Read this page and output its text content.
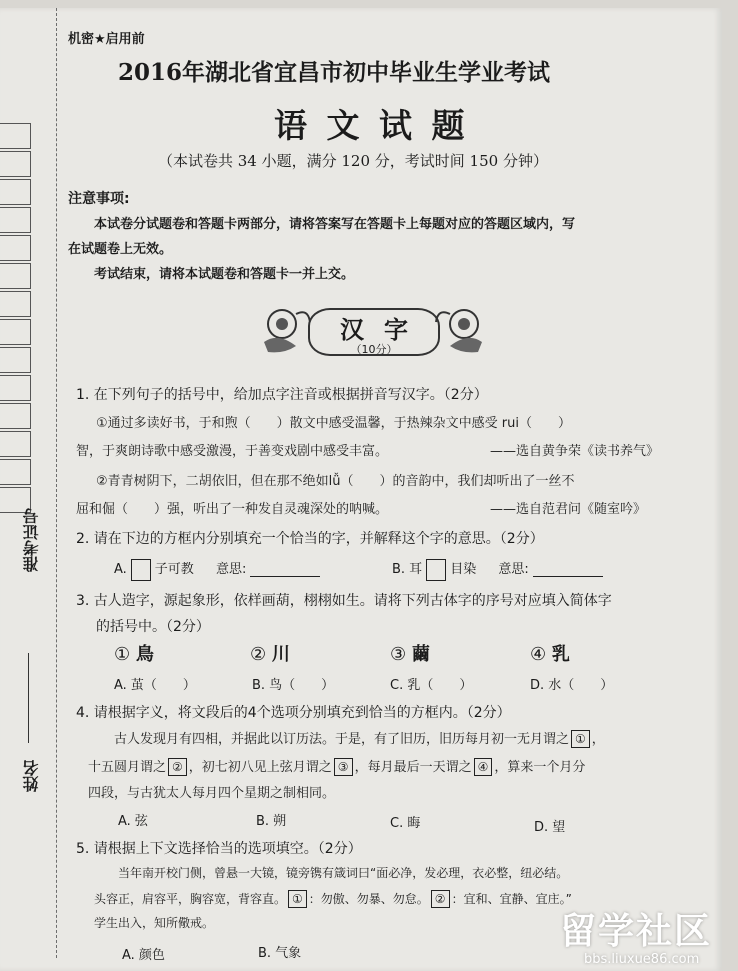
准考证号
姓名
机密★启用前
2016年湖北省宜昌市初中毕业生学业考试
语 文 试 题
（本试卷共 34 小题，满分 120 分，考试时间 150 分钟）
注意事项:
本试卷分试题卷和答题卡两部分，请将答案写在答题卡上每题对应的答题区域内，写
在试题卷上无效。
考试结束，请将本试题卷和答题卡一并上交。
汉 字
（10分）
1. 在下列句子的括号中，给加点字注音或根据拼音写汉字。（2分）
①通过多读好书，于和煦（　　）散文中感受温馨，于热辣杂文中感受 rui（　　）
智，于爽朗诗歌中感受激漫，于善变戏剧中感受丰富。	——选自黄争荣《读书养气》
②青青树阴下，二胡依旧，但在那不绝如lǚ（　　）的音韵中，我们却听出了一丝不
屈和倔（　　）强，听出了一种发自灵魂深处的呐喊。	——选自范君问《随室吟》
2. 请在下边的方框内分别填充一个恰当的字，并解释这个字的意思。（2分）
A. 子可教 意思:	B. 耳 目染 意思:
3. 古人造字，源起象形，依样画葫，栩栩如生。请将下列古体字的序号对应填入简体字
的括号中。（2分）
① 鳥	② 川	③ 繭	④ 乳
A. 茧（　　）	B. 鸟（　　）	C. 乳（　　）	D. 水（　　）
4. 请根据字义，将文段后的4个选项分别填充到恰当的方框内。（2分）
古人发现月有四相，并据此以订历法。于是，有了旧历，旧历每月初一无月谓之 ① ，
十五圆月谓之 ② ，初七初八见上弦月谓之 ③ ，每月最后一天谓之 ④ ，算来一个月分
四段，与古犹太人每月四个星期之制相同。
A. 弦	B. 朔	C. 晦	D. 望
5. 请根据上下文选择恰当的选项填空。（2分）
当年南开校门侧，曾悬一大镜，镜旁镌有箴词曰“面必净，发必理，衣必整，纽必结。
头容正，肩容平，胸容宽，背容直。 ① ：勿傲、勿暴、勿怠。 ② ：宜和、宜静、宜庄。”
学生出入，知所儆戒。
A. 颜色	B. 气象
留学社区
bbs.liuxue86.com
